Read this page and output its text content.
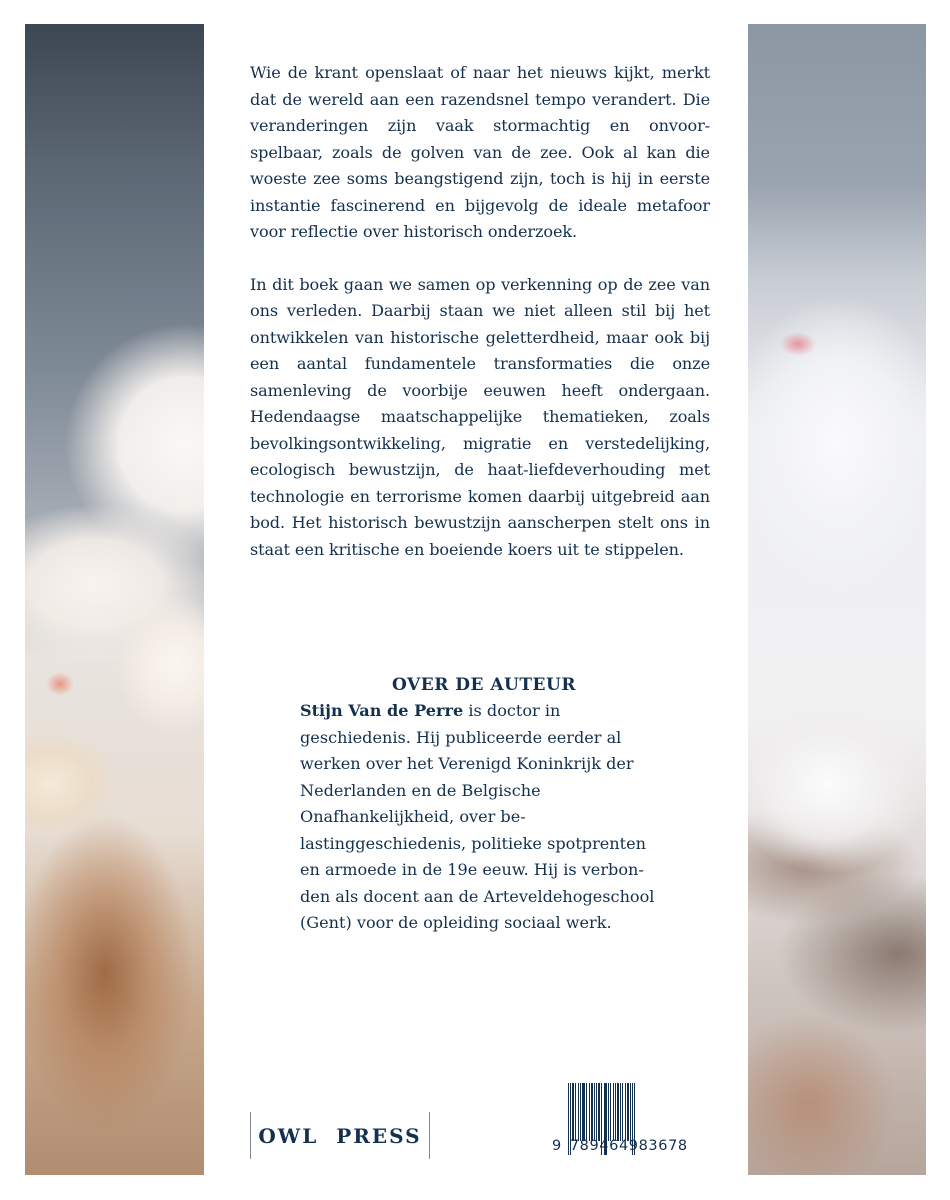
Wie de krant openslaat of naar het nieuws kijkt, merkt dat de wereld aan een razendsnel tempo verandert. Die veranderingen zijn vaak stormachtig en onvoor-spelbaar, zoals de golven van de zee. Ook al kan die woeste zee soms beangstigend zijn, toch is hij in eerste instantie fascinerend en bijgevolg de ideale metafoor voor reflectie over historisch onderzoek.

In dit boek gaan we samen op verkenning op de zee van ons verleden. Daarbij staan we niet alleen stil bij het ontwikkelen van historische geletterdheid, maar ook bij een aantal fundamentele transformaties die onze samenleving de voorbije eeuwen heeft ondergaan. Hedendaagse maatschappelijke thematieken, zoals bevolkingsontwikkeling, migratie en verstedelijking, ecologisch bewustzijn, de haat-liefdeverhouding met technologie en terrorisme komen daarbij uitgebreid aan bod. Het historisch bewustzijn aanscherpen stelt ons in staat een kritische en boeiende koers uit te stippelen.

OVER DE AUTEUR

Stijn Van de Perre is doctor in geschiedenis. Hij publiceerde eerder al werken over het Verenigd Koninkrijk der Nederlanden en de Belgische Onafhankelijkheid, over be-lastinggeschiedenis, politieke spotprenten en armoede in de 19e eeuw. Hij is verbon-den als docent aan de Arteveldehogeschool (Gent) voor de opleiding sociaal werk.

OWL  PRESS	9 789464983678
